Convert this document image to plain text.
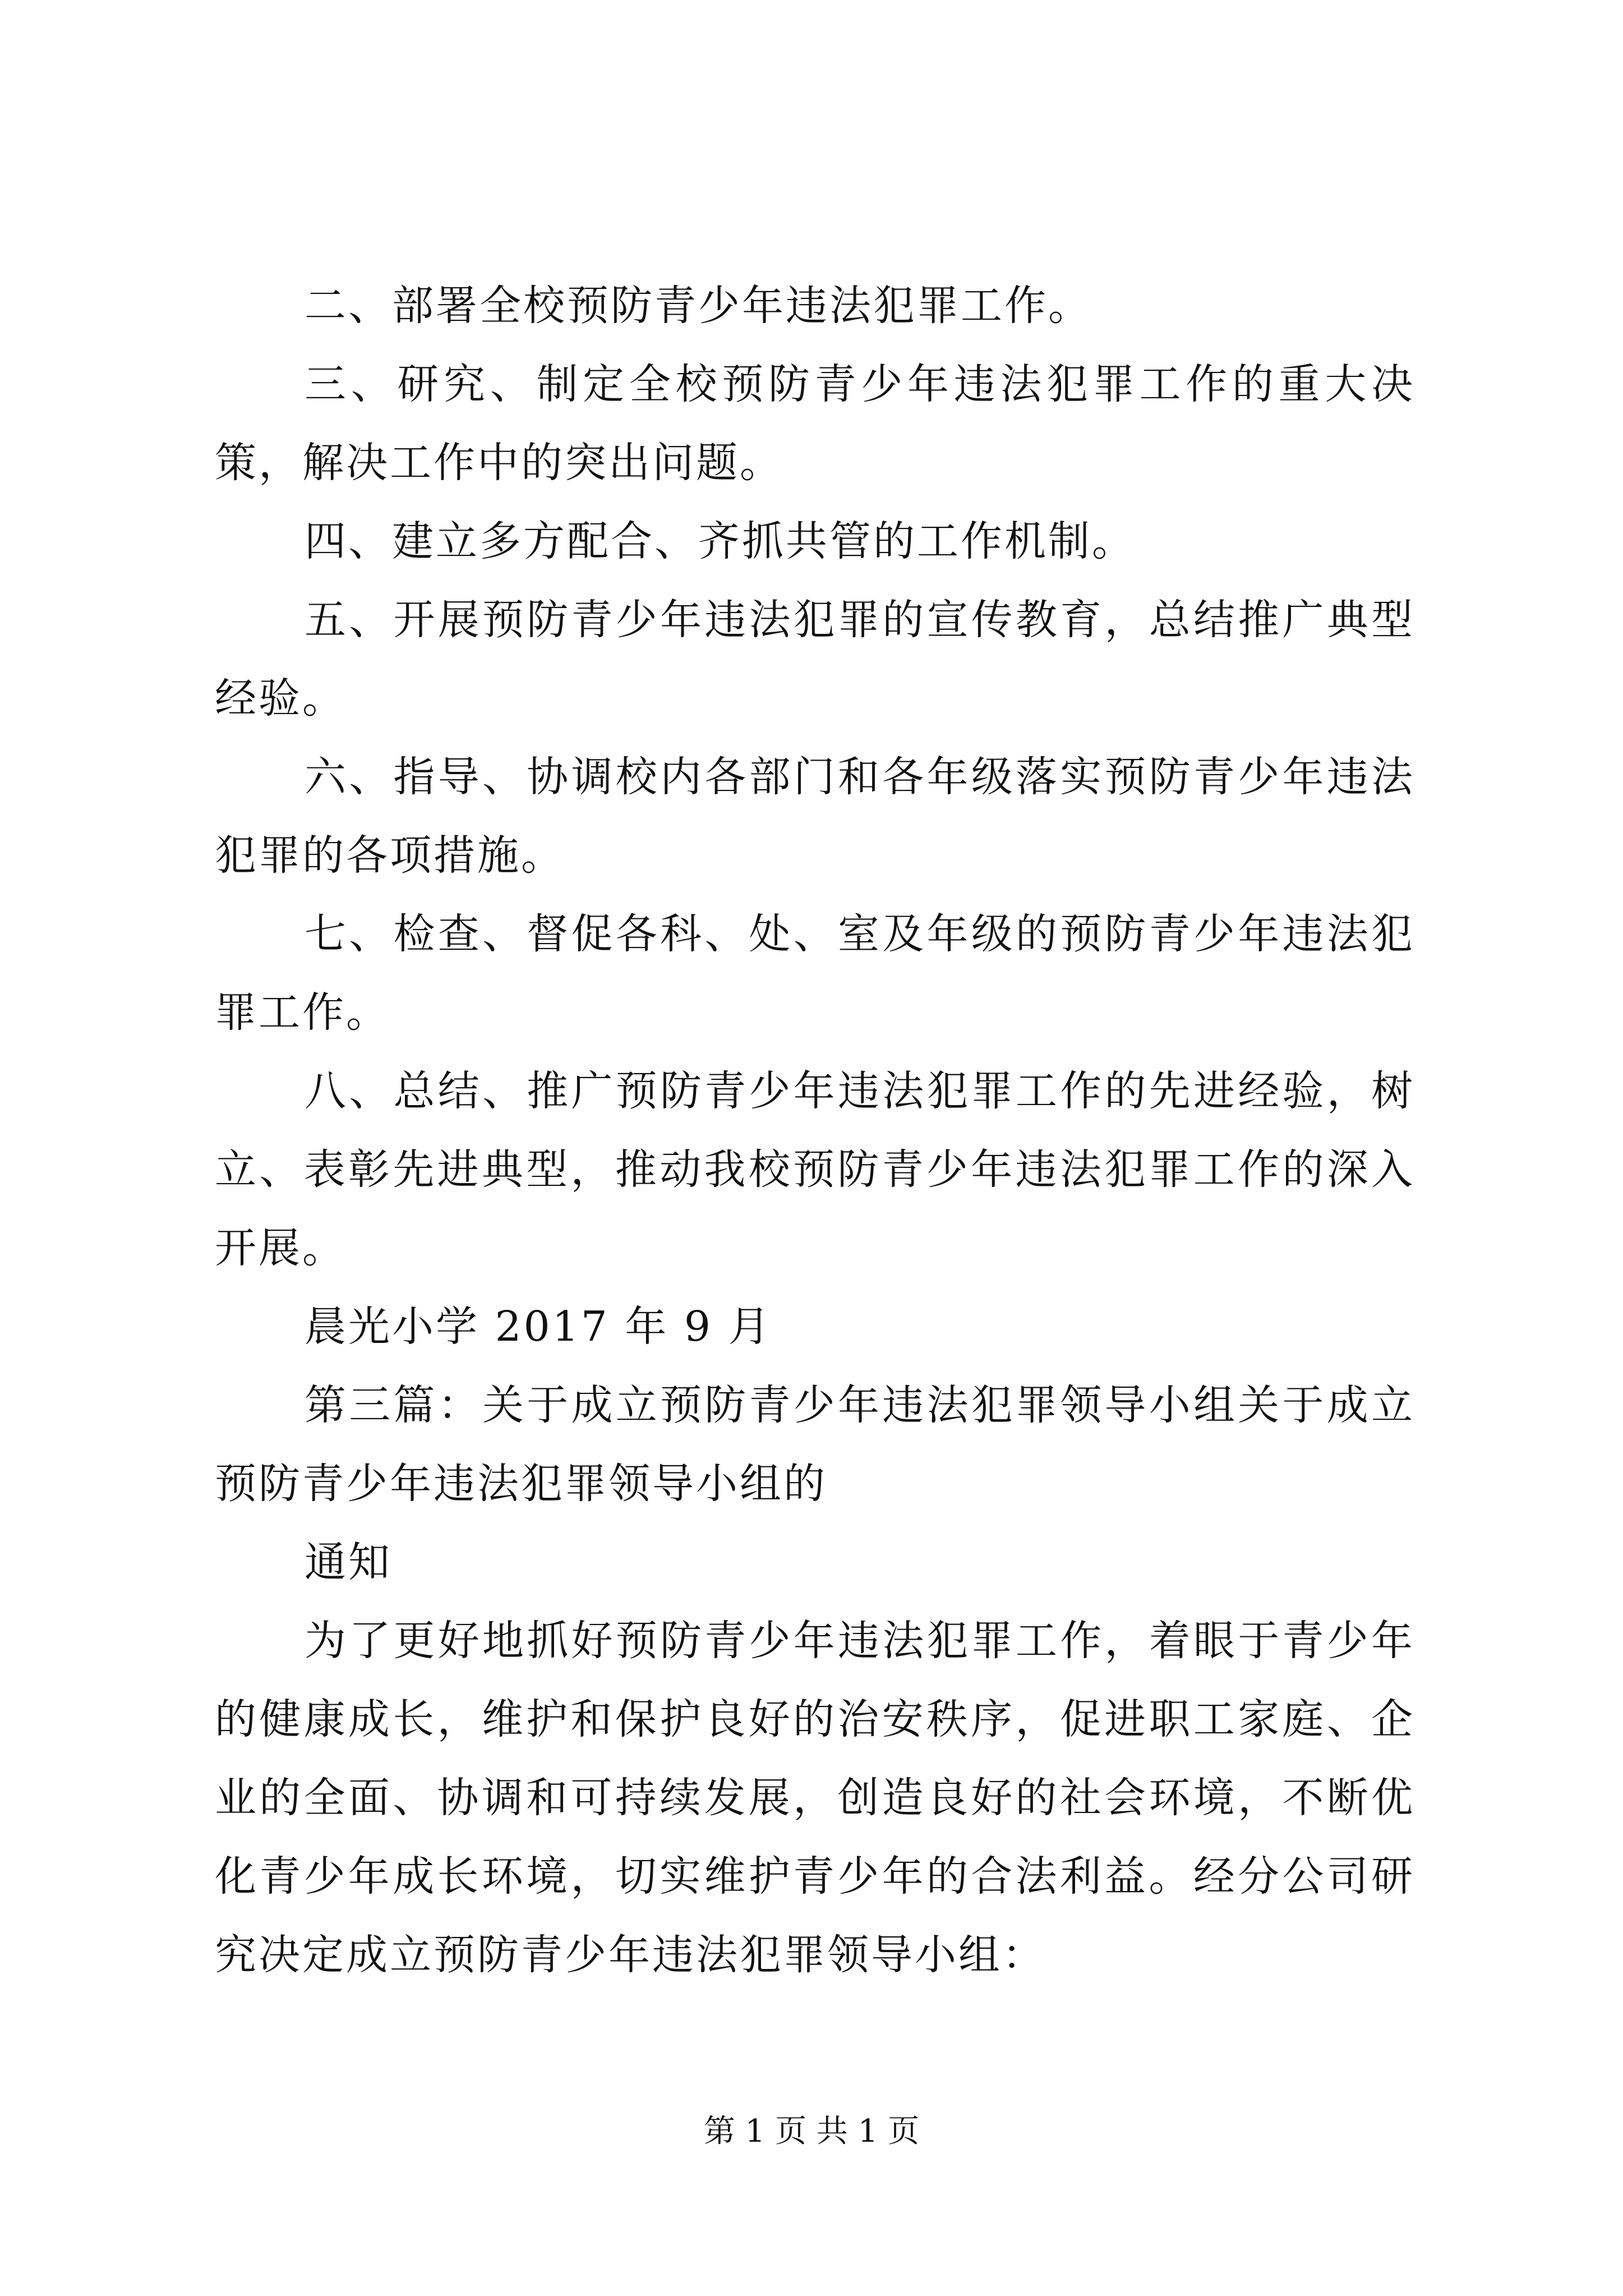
二、部署全校预防青少年违法犯罪工作。

三、研究、制定全校预防青少年违法犯罪工作的重大决策，解决工作中的突出问题。

四、建立多方配合、齐抓共管的工作机制。

五、开展预防青少年违法犯罪的宣传教育，总结推广典型经验。

六、指导、协调校内各部门和各年级落实预防青少年违法犯罪的各项措施。

七、检查、督促各科、处、室及年级的预防青少年违法犯罪工作。

八、总结、推广预防青少年违法犯罪工作的先进经验，树立、表彰先进典型，推动我校预防青少年违法犯罪工作的深入开展。

晨光小学 2017 年 9 月

第三篇：关于成立预防青少年违法犯罪领导小组关于成立预防青少年违法犯罪领导小组的

通知

为了更好地抓好预防青少年违法犯罪工作，着眼于青少年的健康成长，维护和保护良好的治安秩序，促进职工家庭、企业的全面、协调和可持续发展，创造良好的社会环境，不断优化青少年成长环境，切实维护青少年的合法利益。经分公司研究决定成立预防青少年违法犯罪领导小组：

第 1 页 共 1 页
